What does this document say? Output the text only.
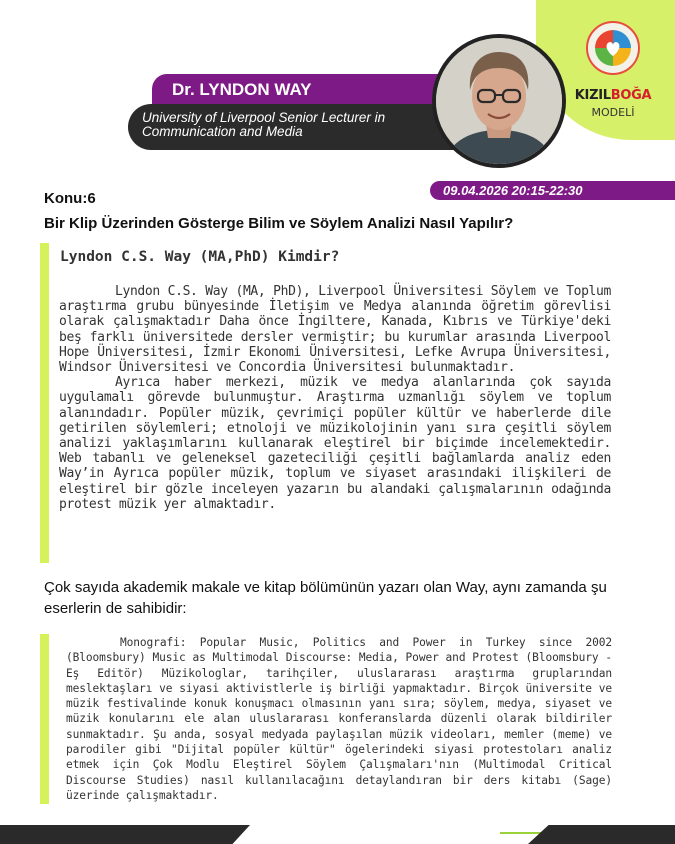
KIZILBOĞA
MODELİ
Dr. LYNDON WAY
University of Liverpool Senior Lecturer in Communication and Media
09.04.2026 20:15-22:30
Konu:6
Bir Klip Üzerinden Gösterge Bilim ve Söylem Analizi Nasıl Yapılır?
Lyndon C.S. Way (MA,PhD) Kimdir?

Lyndon C.S. Way (MA, PhD), Liverpool Üniversitesi Söylem ve Toplum araştırma grubu bünyesinde İletişim ve Medya alanında öğretim görevlisi olarak çalışmaktadır Daha önce İngiltere, Kanada, Kıbrıs ve Türkiye'deki beş farklı üniversitede dersler vermiştir; bu kurumlar arasında Liverpool Hope Üniversitesi, İzmir Ekonomi Üniversitesi, Lefke Avrupa Üniversitesi, Windsor Üniversitesi ve Concordia Üniversitesi bulunmaktadır.

Ayrıca haber merkezi, müzik ve medya alanlarında çok sayıda uygulamalı görevde bulunmuştur. Araştırma uzmanlığı söylem ve toplum alanındadır. Popüler müzik, çevrimiçi popüler kültür ve haberlerde dile getirilen söylemleri; etnoloji ve müzikolojinin yanı sıra çeşitli söylem analizi yaklaşımlarını kullanarak eleştirel bir biçimde incelemektedir. Web tabanlı ve geleneksel gazeteciliği çeşitli bağlamlarda analiz eden Way’in Ayrıca popüler müzik, toplum ve siyaset arasındaki ilişkileri de eleştirel bir gözle inceleyen yazarın bu alandaki çalışmalarının odağında protest müzik yer almaktadır.

Çok sayıda akademik makale ve kitap bölümünün yazarı olan Way, aynı zamanda şu eserlerin de sahibidir:

Monografi: Popular Music, Politics and Power in Turkey since 2002 (Bloomsbury) Music as Multimodal Discourse: Media, Power and Protest (Bloomsbury - Eş Editör) Müzikologlar, tarihçiler, uluslararası araştırma gruplarından meslektaşları ve siyasi aktivistlerle iş birliği yapmaktadır. Birçok üniversite ve müzik festivalinde konuk konuşmacı olmasının yanı sıra; söylem, medya, siyaset ve müzik konularını ele alan uluslararası konferanslarda düzenli olarak bildiriler sunmaktadır. Şu anda, sosyal medyada paylaşılan müzik videoları, memler (meme) ve parodiler gibi "Dijital popüler kültür" ögelerindeki siyasi protestoları analiz etmek için Çok Modlu Eleştirel Söylem Çalışmaları'nın (Multimodal Critical Discourse Studies) nasıl kullanılacağını detaylandıran bir ders kitabı (Sage) üzerinde çalışmaktadır.
